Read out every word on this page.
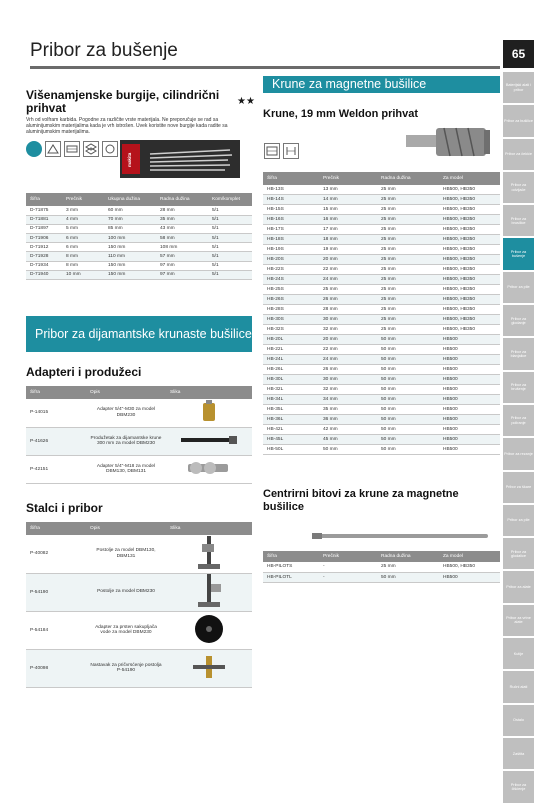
Pribor za bušenje	65
Baterijski alati i pribor
Pribor za bušilice
Pribor za čekiće
Pribor za odvijače
Pribor za brusilice
Pribor za bušenje
Pribor za pile
Pribor za glodanje
Pribor za blanjalice
Pribor za brušenje
Pribor za poliranje
Pribor za rezanje
Pribor za škare
Pribor za pile
Pribor za glodalice
Pribor za alate
Pribor za vrtne alate
Kutije
Ručni alati
Ostalo
Zaštita
Pribor za čišćenje
Višenamjenske burgije, cilindrični prihvat	★★
Vrh od volfram karbida. Pogodne za različite vrste materijala. Ne preporučuje se rad sa aluminijumskim materijalima kada je vrh istrošen. Uvek koristite nove burgije kada radite sa aluminijumskim materijalima.
makita
Šifra	Prečnik	Ukupna dužina	Radna dužina	Kom/komplet
D-71875	3 mm	60 mm	28 mm	5/1
D-71881	4 mm	70 mm	35 mm	5/1
D-71897	5 mm	85 mm	43 mm	5/1
D-71906	6 mm	100 mm	58 mm	5/1
D-71912	6 mm	150 mm	108 mm	5/1
D-71928	8 mm	110 mm	57 mm	5/1
D-71934	8 mm	150 mm	97 mm	5/1
D-71940	10 mm	150 mm	97 mm	5/1
Pribor za dijamantske krunaste bušilice
Adapteri i produžeci
Šifra	Opis	Slika
P-14015	Adapter 5/4"-M30 za model DBM230	
P-41626	Produžetak za dijamantske krune 300 mm za model DBM230	
P-42151	Adapter 5/4"-M18 za model DBM130, DBM131	
Stalci i pribor
Šifra	Opis	Slika
P-40082	Postolje za model DBM130, DBM131	
P-54190	Postolje za model DBM230	
P-54184	Adapter za prsten sakupljača vode za model DBM230	
P-40098	Nastavak za pričvrsćenje postolja P-54190	
Krune za magnetne bušilice
Krune, 19 mm Weldon prihvat
Šifra	Prečnik	Radna dužina	Za model
HB-13S	13 mm	25 mm	HB500, HB350
HB-14S	14 mm	25 mm	HB500, HB350
HB-15S	15 mm	25 mm	HB500, HB350
HB-16S	16 mm	25 mm	HB500, HB350
HB-17S	17 mm	25 mm	HB500, HB350
HB-18S	18 mm	25 mm	HB500, HB350
HB-19S	19 mm	25 mm	HB500, HB350
HB-20S	20 mm	25 mm	HB500, HB350
HB-22S	22 mm	25 mm	HB500, HB350
HB-24S	24 mm	25 mm	HB500, HB350
HB-25S	25 mm	25 mm	HB500, HB350
HB-26S	26 mm	25 mm	HB500, HB350
HB-28S	28 mm	25 mm	HB500, HB350
HB-30S	30 mm	25 mm	HB500, HB350
HB-32S	32 mm	25 mm	HB500, HB350
HB-20L	20 mm	50 mm	HB500
HB-22L	22 mm	50 mm	HB500
HB-24L	24 mm	50 mm	HB500
HB-26L	26 mm	50 mm	HB500
HB-30L	30 mm	50 mm	HB500
HB-32L	32 mm	50 mm	HB500
HB-34L	34 mm	50 mm	HB500
HB-35L	35 mm	50 mm	HB500
HB-36L	36 mm	50 mm	HB500
HB-42L	42 mm	50 mm	HB500
HB-45L	45 mm	50 mm	HB500
HB-50L	50 mm	50 mm	HB500
Centrirni bitovi za krune za magnetne bušilice
Šifra	Prečnik	Radna dužina	Za model
HB-PILOTS	-	25 mm	HB500, HB350
HB-PILOTL	-	50 mm	HB500
